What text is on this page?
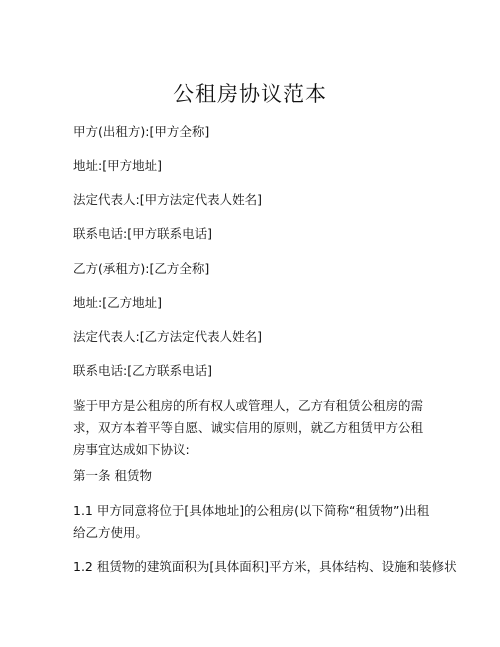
公租房协议范本
甲方(出租方):[甲方全称]
地址:[甲方地址]
法定代表人:[甲方法定代表人姓名]
联系电话:[甲方联系电话]
乙方(承租方):[乙方全称]
地址:[乙方地址]
法定代表人:[乙方法定代表人姓名]
联系电话:[乙方联系电话]
鉴于甲方是公租房的所有权人或管理人，乙方有租赁公租房的需求，双方本着平等自愿、诚实信用的原则，就乙方租赁甲方公租房事宜达成如下协议:
第一条 租赁物
1.1 甲方同意将位于[具体地址]的公租房(以下简称“租赁物”)出租给乙方使用。
1.2 租赁物的建筑面积为[具体面积]平方米，具体结构、设施和装修状
